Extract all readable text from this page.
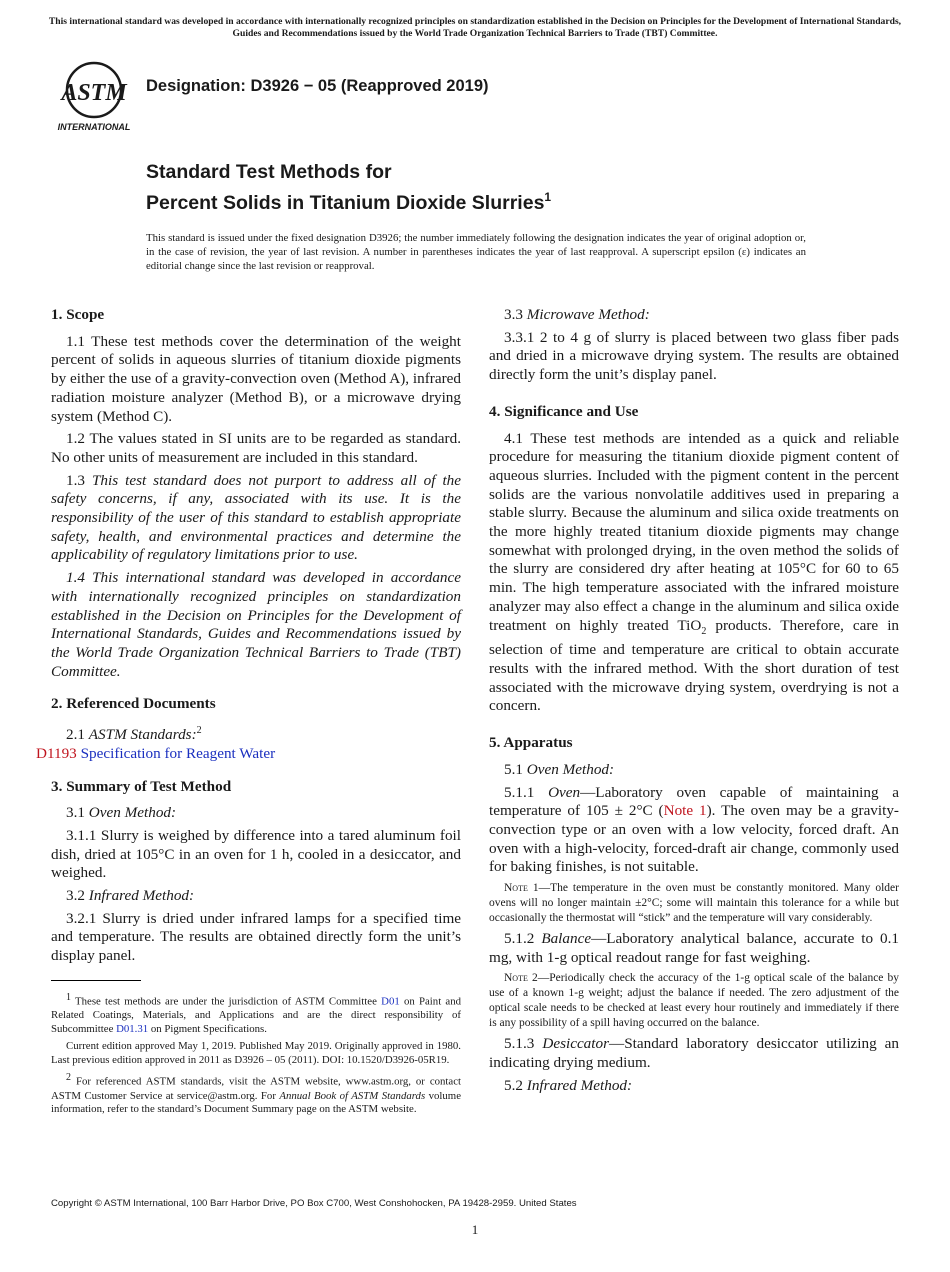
This international standard was developed in accordance with internationally recognized principles on standardization established in the Decision on Principles for the Development of International Standards, Guides and Recommendations issued by the World Trade Organization Technical Barriers to Trade (TBT) Committee.
ASTM
INTERNATIONAL
Designation: D3926 − 05 (Reapproved 2019)
Standard Test Methods for
Percent Solids in Titanium Dioxide Slurries$^1$
This standard is issued under the fixed designation D3926; the number immediately following the designation indicates the year of original adoption or, in the case of revision, the year of last revision. A number in parentheses indicates the year of last reapproval. A superscript epsilon (ε) indicates an editorial change since the last revision or reapproval.
1. Scope

1.1 These test methods cover the determination of the weight percent of solids in aqueous slurries of titanium dioxide pigments by either the use of a gravity-convection oven (Method A), infrared radiation moisture analyzer (Method B), or a microwave drying system (Method C).

1.2 The values stated in SI units are to be regarded as standard. No other units of measurement are included in this standard.

1.3 This test standard does not purport to address all of the safety concerns, if any, associated with its use. It is the responsibility of the user of this standard to establish appropriate safety, health, and environmental practices and determine the applicability of regulatory limitations prior to use.

1.4 This international standard was developed in accordance with internationally recognized principles on standardization established in the Decision on Principles for the Development of International Standards, Guides and Recommendations issued by the World Trade Organization Technical Barriers to Trade (TBT) Committee.

2. Referenced Documents

2.1 ASTM Standards:$^2$
D1193 Specification for Reagent Water

3. Summary of Test Method

3.1 Oven Method:

3.1.1 Slurry is weighed by difference into a tared aluminum foil dish, dried at 105°C in an oven for 1 h, cooled in a desiccator, and weighed.

3.2 Infrared Method:

3.2.1 Slurry is dried under infrared lamps for a specified time and temperature. The results are obtained directly form the unit’s display panel.

$^1$ These test methods are under the jurisdiction of ASTM Committee D01 on Paint and Related Coatings, Materials, and Applications and are the direct responsibility of Subcommittee D01.31 on Pigment Specifications.

Current edition approved May 1, 2019. Published May 2019. Originally approved in 1980. Last previous edition approved in 2011 as D3926 – 05 (2011). DOI: 10.1520/D3926-05R19.

$^2$ For referenced ASTM standards, visit the ASTM website, www.astm.org, or contact ASTM Customer Service at service@astm.org. For Annual Book of ASTM Standards volume information, refer to the standard’s Document Summary page on the ASTM website.

3.3 Microwave Method:

3.3.1 2 to 4 g of slurry is placed between two glass fiber pads and dried in a microwave drying system. The results are obtained directly form the unit’s display panel.

4. Significance and Use

4.1 These test methods are intended as a quick and reliable procedure for measuring the titanium dioxide pigment content of aqueous slurries. Included with the pigment content in the percent solids are the various nonvolatile additives used in preparing a stable slurry. Because the aluminum and silica oxide treatments on the more highly treated titanium dioxide pigments may change somewhat with prolonged drying, in the oven method the solids of the slurry are considered dry after heating at 105°C for 60 to 65 min. The high temperature associated with the infrared moisture analyzer may also effect a change in the aluminum and silica oxide treatment on highly treated TiO$_2$ products. Therefore, care in selection of time and temperature are critical to obtain accurate results with the infrared method. With the short duration of test associated with the microwave drying system, overdrying is not a concern.

5. Apparatus

5.1 Oven Method:

5.1.1 Oven—Laboratory oven capable of maintaining a temperature of 105 ± 2°C (Note 1). The oven may be a gravity-convection type or an oven with a low velocity, forced draft. An oven with a high-velocity, forced-draft air change, commonly used for baking finishes, is not suitable.

Note 1—The temperature in the oven must be constantly monitored. Many older ovens will no longer maintain ±2°C; some will maintain this tolerance for a while but occasionally the thermostat will “stick” and the temperature will vary considerably.

5.1.2 Balance—Laboratory analytical balance, accurate to 0.1 mg, with 1-g optical readout range for fast weighing.

Note 2—Periodically check the accuracy of the 1-g optical scale of the balance by use of a known 1-g weight; adjust the balance if needed. The zero adjustment of the optical scale needs to be checked at least every hour routinely and immediately if there is any possibility of a spill having occurred on the balance.

5.1.3 Desiccator—Standard laboratory desiccator utilizing an indicating drying medium.

5.2 Infrared Method:

Copyright © ASTM International, 100 Barr Harbor Drive, PO Box C700, West Conshohocken, PA 19428-2959. United States
1
